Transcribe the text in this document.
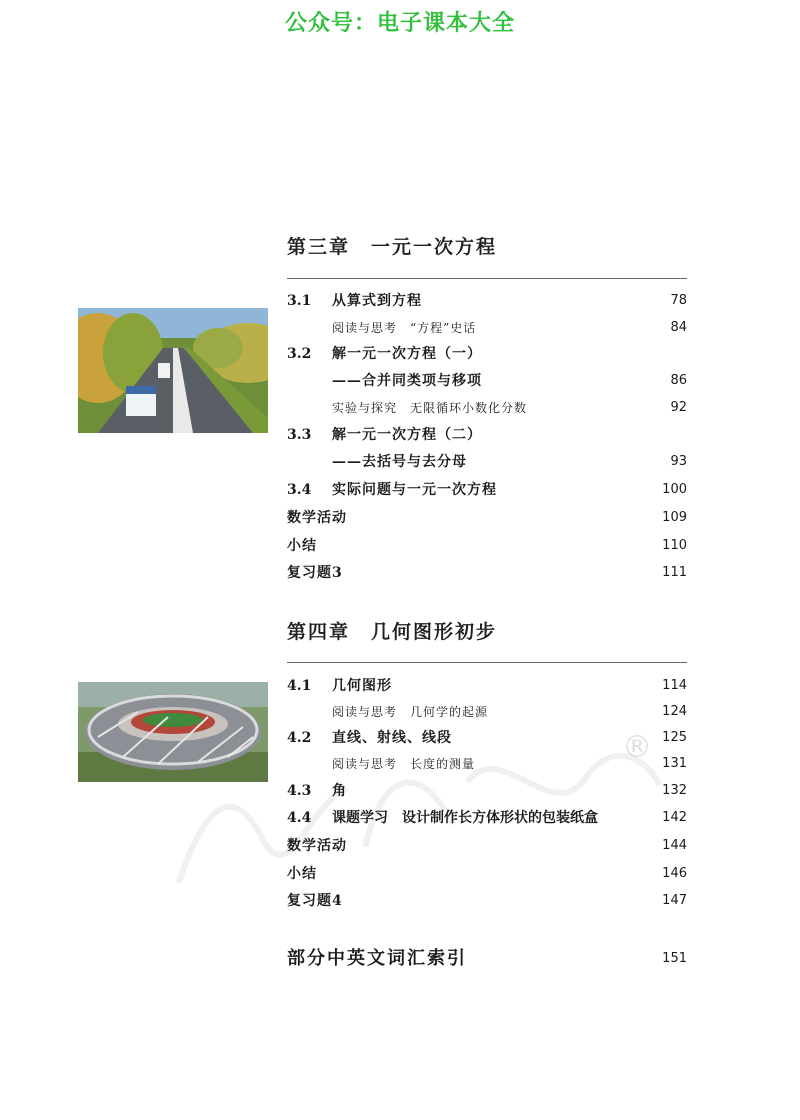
公众号：电子课本大全
第三章　一元一次方程
3.1 从算式到方程	78
阅读与思考　“方程”史话	84
3.2 解一元一次方程（一）
——合并同类项与移项	86
实验与探究　无限循环小数化分数	92
3.3 解一元一次方程（二）
——去括号与去分母	93
3.4 实际问题与一元一次方程	100
数学活动	109
小结	110
复习题3	111
第四章　几何图形初步
4.1 几何图形	114
阅读与思考　几何学的起源	124
4.2 直线、射线、线段	125
阅读与思考　长度的测量	131
4.3 角	132
4.4 课题学习　设计制作长方体形状的包装纸盒	142
数学活动	144
小结	146
复习题4	147
®
部分中英文词汇索引	151
